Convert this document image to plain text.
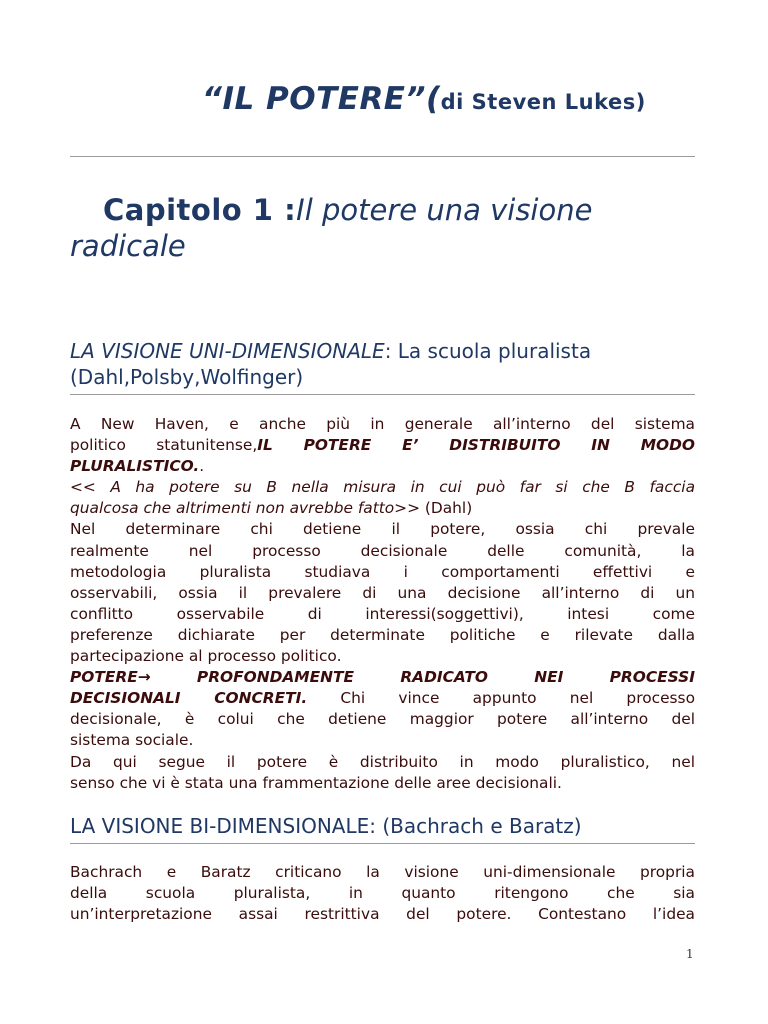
“IL POTERE”(di Steven Lukes)

Capitolo 1 : Il potere una visione
radicale
LA VISIONE UNI-DIMENSIONALE: La scuola pluralista
(Dahl,Polsby,Wolfinger)
A New Haven, e anche più in generale all’interno del sistema
politico statunitense,IL POTERE E’ DISTRIBUITO IN MODO
PLURALISTICO..
<< A ha potere su B nella misura in cui può far si che B faccia
qualcosa che altrimenti non avrebbe fatto>> (Dahl)
Nel determinare chi detiene il potere, ossia chi prevale
realmente nel processo decisionale delle comunità, la
metodologia pluralista studiava i comportamenti effettivi e
osservabili, ossia il prevalere di una decisione all’interno di un
conflitto osservabile di interessi(soggettivi), intesi come
preferenze dichiarate per determinate politiche e rilevate dalla
partecipazione al processo politico.
POTERE→ PROFONDAMENTE RADICATO NEI PROCESSI
DECISIONALI CONCRETI. Chi vince appunto nel processo
decisionale, è colui che detiene maggior potere all’interno del
sistema sociale.
Da qui segue il potere è distribuito in modo pluralistico, nel
senso che vi è stata una frammentazione delle aree decisionali.
LA VISIONE BI-DIMENSIONALE: (Bachrach e Baratz)
Bachrach e Baratz criticano la visione uni-dimensionale propria
della scuola pluralista, in quanto ritengono che sia
un’interpretazione assai restrittiva del potere. Contestano l’idea
1
